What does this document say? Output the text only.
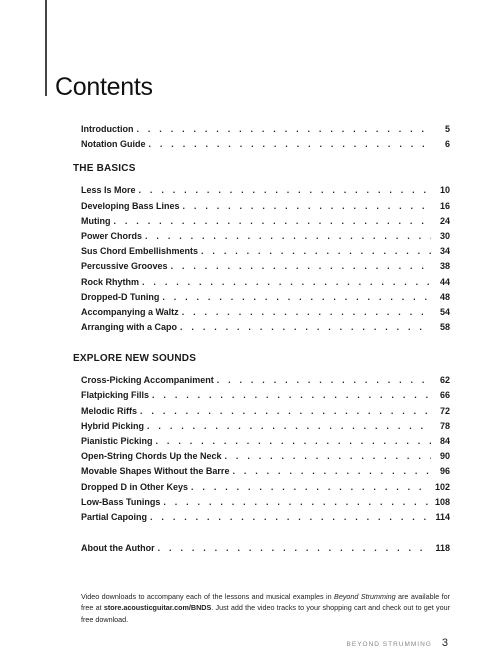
Contents
Introduction . . .	5
Notation Guide . . .	6
THE BASICS
Less Is More . . .	10
Developing Bass Lines . . .	16
Muting . . .	24
Power Chords . . .	30
Sus Chord Embellishments . . .	34
Percussive Grooves . . .	38
Rock Rhythm . . .	44
Dropped-D Tuning . . .	48
Accompanying a Waltz . . .	54
Arranging with a Capo . . .	58
EXPLORE NEW SOUNDS
Cross-Picking Accompaniment . . .	62
Flatpicking Fills . . .	66
Melodic Riffs . . .	72
Hybrid Picking . . .	78
Pianistic Picking . . .	84
Open-String Chords Up the Neck . . .	90
Movable Shapes Without the Barre . . .	96
Dropped D in Other Keys . . .	102
Low-Bass Tunings . . .	108
Partial Capoing . . .	114
About the Author . . .	118

Video downloads to accompany each of the lessons and musical examples in Beyond Strumming are available for free at store.acousticguitar.com/BNDS. Just add the video tracks to your shopping cart and check out to get your free download.

BEYOND STRUMMING 3
